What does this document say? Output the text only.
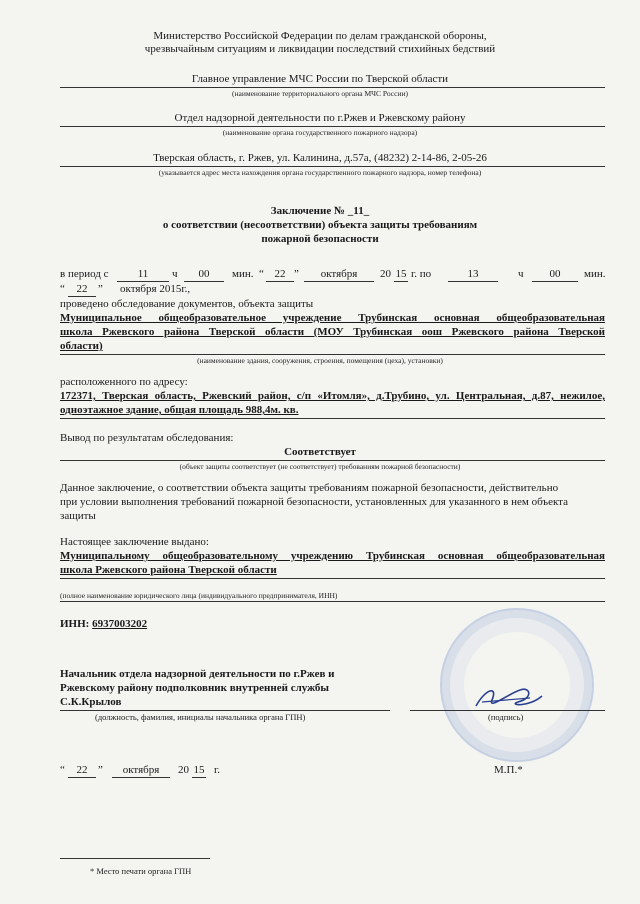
Министерство Российской Федерации по делам гражданской обороны,
чрезвычайным ситуациям и ликвидации последствий стихийных бедствий
Главное управление МЧС России по Тверской области
(наименование территориального органа МЧС России)
Отдел надзорной деятельности по г.Ржев и Ржевскому району
(наименование органа государственного пожарного надзора)
Тверская область, г. Ржев, ул. Калинина, д.57а, (48232) 2-14-86, 2-05-26
(указывается адрес места нахождения органа государственного пожарного надзора, номер телефона)
Заключение № _11_
о соответствии (несоответствии) объекта защиты требованиям
пожарной безопасности
в период с	11	ч	00	мин. “ 22 ”	октября	20 15 г. по	13	ч	00	мин.
“	22 ” октября 2015г.,
проведено обследование документов, объекта защиты
Муниципальное общеобразовательное учреждение Трубинская основная общеобразовательная
школа Ржевского района Тверской области (МОУ Трубинская оош Ржевского района Тверской
области)
(наименование здания, сооружения, строения, помещения (цеха), установки)
расположенного по адресу:
172371, Тверская область, Ржевский район, с/п «Итомля», д.Трубино, ул. Центральная, д.87, нежилое,
одноэтажное здание, общая площадь 988,4м. кв.
Вывод по результатам обследования:
Соответствует
(объект защиты соответствует (не соответствует) требованиям пожарной безопасности)
Данное заключение, о соответствии объекта защиты требованиям пожарной безопасности, действительно
при условии выполнения требований пожарной безопасности, установленных для указанного в нем объекта
защиты
Настоящее заключение выдано:
Муниципальному общеобразовательному учреждению Трубинская основная общеобразовательная
школа Ржевского района Тверской области
(полное наименование юридического лица (индивидуального предпринимателя, ИНН)
ИНН: 6937003202
Начальник отдела надзорной деятельности по г.Ржев и
Ржевскому району подполковник внутренней службы
С.К.Крылов
(должность, фамилия, инициалы начальника органа ГПН)	(подпись)
“	22 ”	октября	20 15 г.	М.П.*
* Место печати органа ГПН
